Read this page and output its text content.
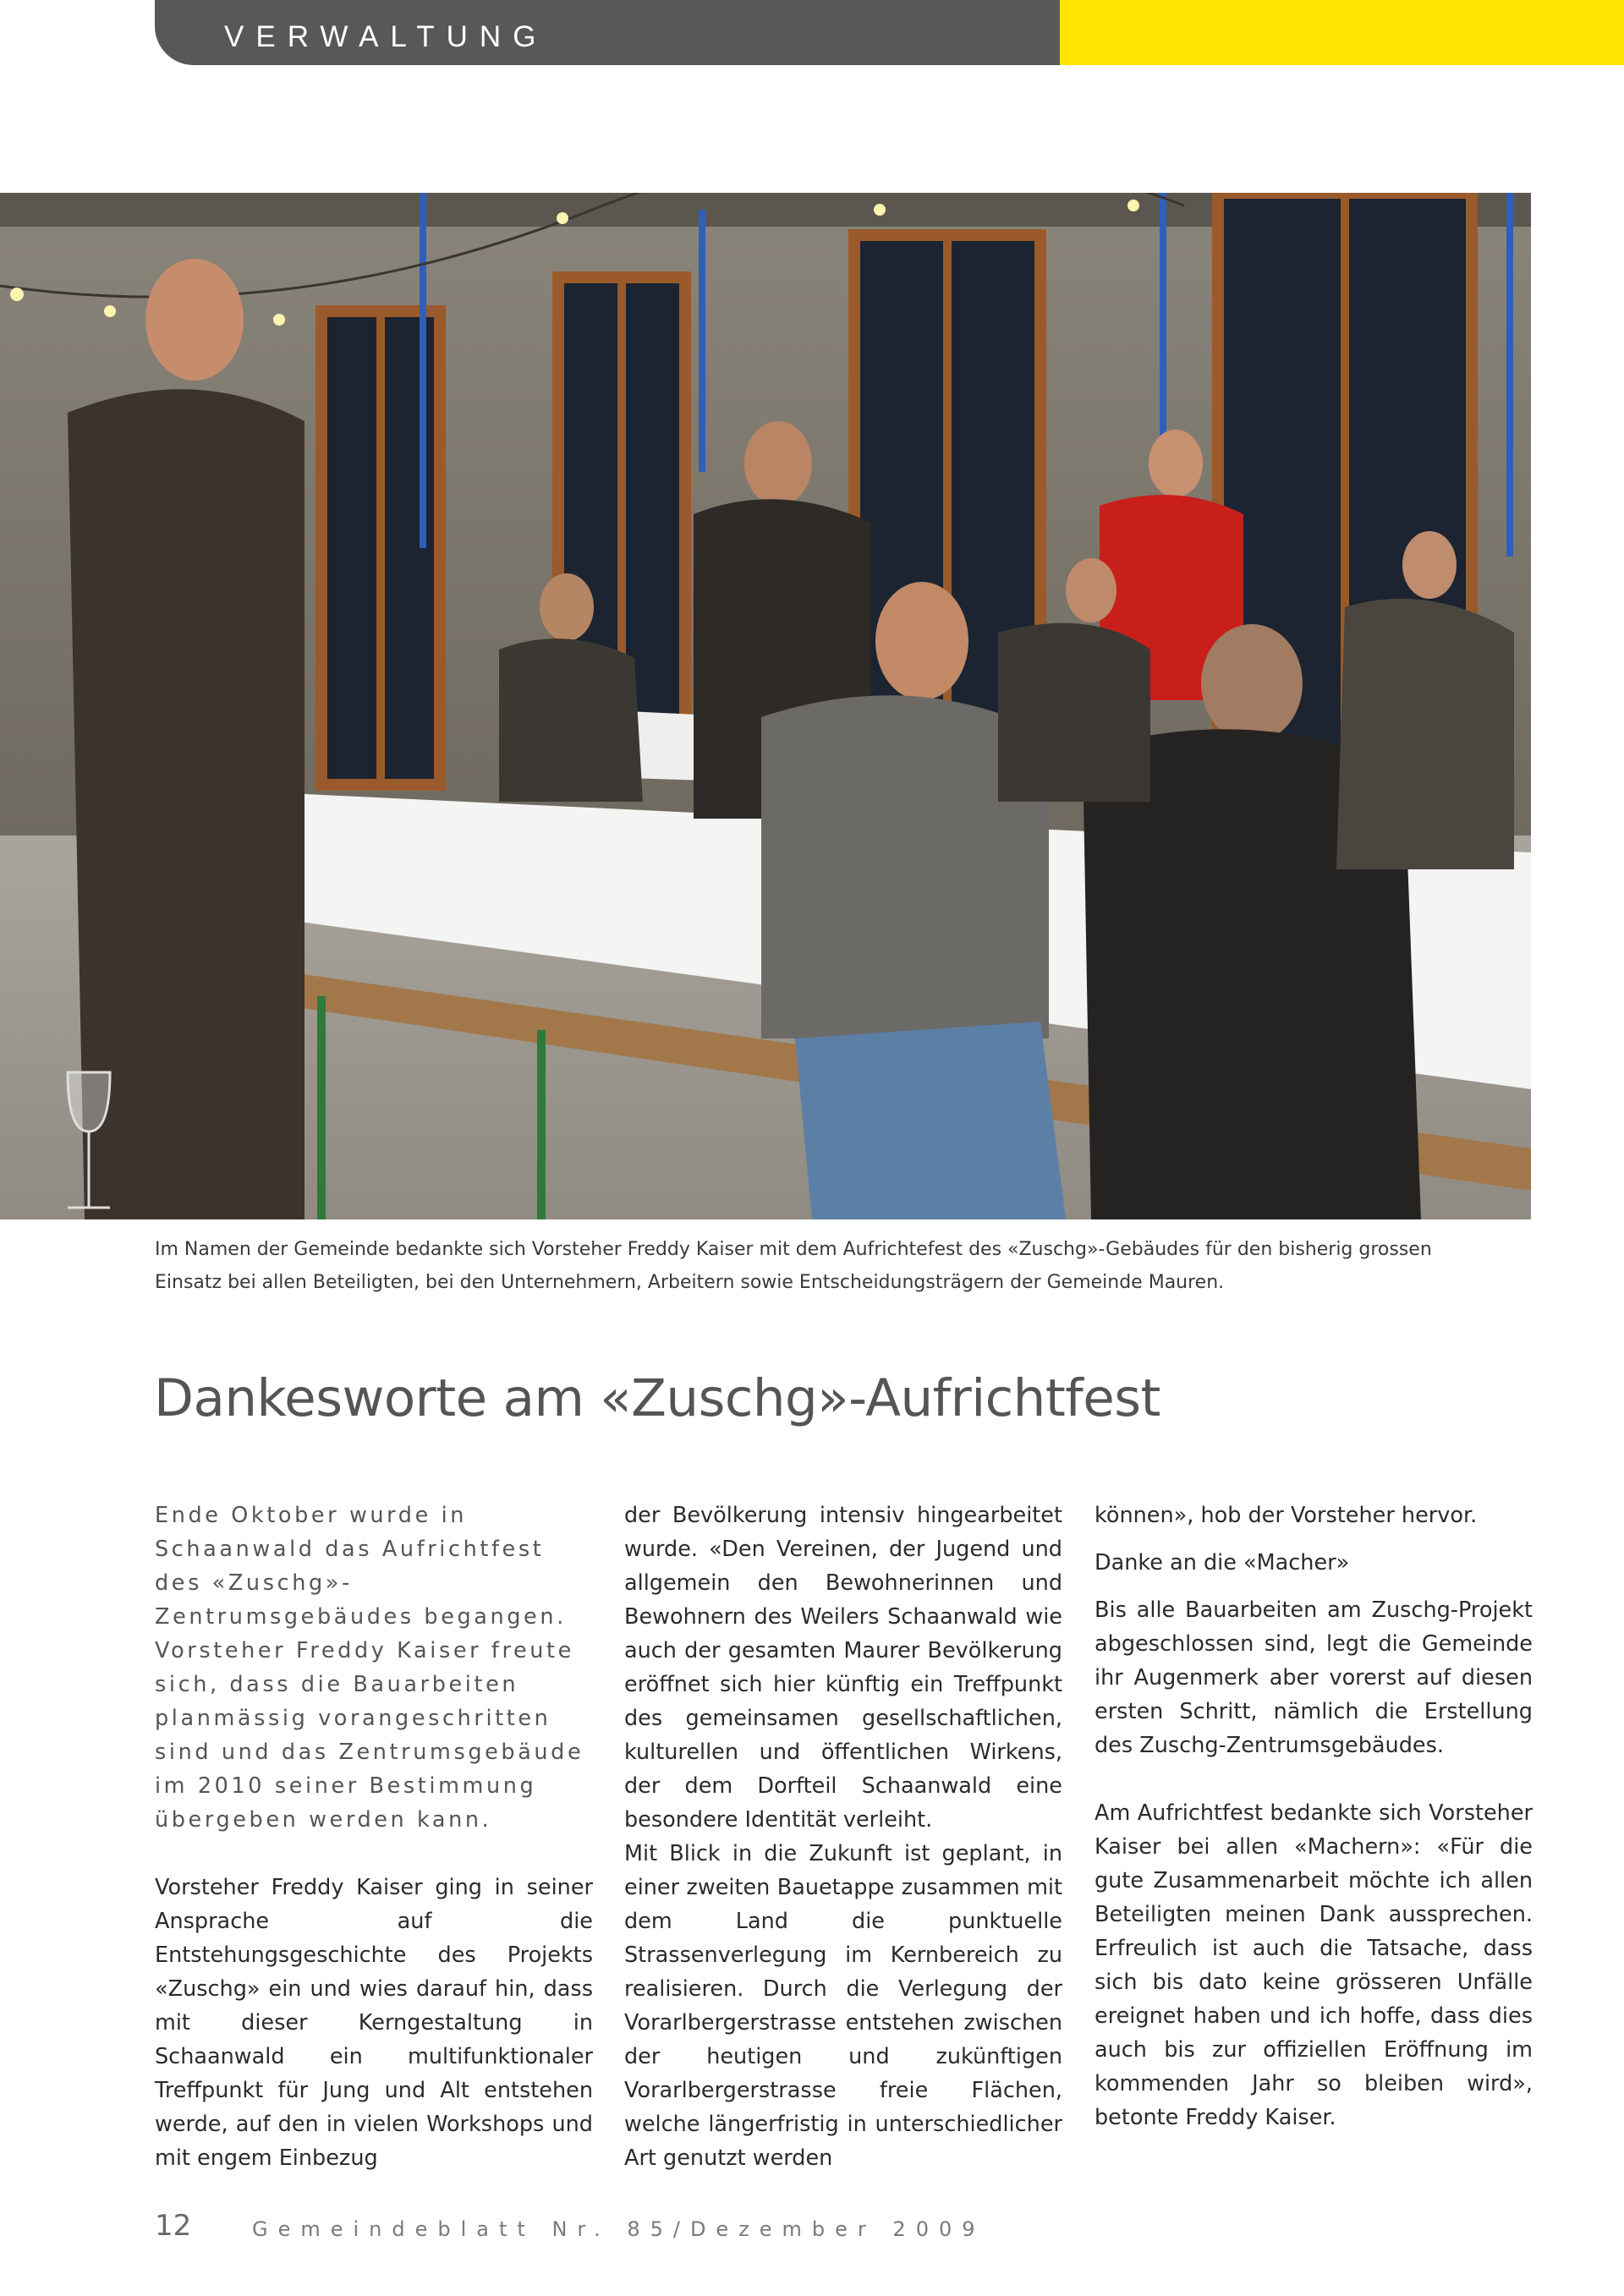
VERWALTUNG

Im Namen der Gemeinde bedankte sich Vorsteher Freddy Kaiser mit dem Aufrichtefest des «Zuschg»-Gebäudes für den bisherig grossen

Einsatz bei allen Beteiligten, bei den Unternehmern, Arbeitern sowie Entscheidungsträgern der Gemeinde Mauren.

Dankesworte am «Zuschg»-Aufrichtfest

Ende Oktober wurde in Schaanwald das Aufrichtfest des «Zuschg»-Zentrumsgebäudes begangen. Vorsteher Freddy Kaiser freute sich, dass die Bauarbeiten planmässig vorangeschritten sind und das Zentrumsgebäude im 2010 seiner Bestimmung übergeben werden kann.

Vorsteher Freddy Kaiser ging in seiner Ansprache auf die Entstehungsgeschichte des Projekts «Zuschg» ein und wies darauf hin, dass mit dieser Kerngestaltung in Schaanwald ein multifunktionaler Treffpunkt für Jung und Alt entstehen werde, auf den in vielen Workshops und mit engem Einbezug

der Bevölkerung intensiv hingearbeitet wurde. «Den Vereinen, der Jugend und allgemein den Bewohnerinnen und Bewohnern des Weilers Schaanwald wie auch der gesamten Maurer Bevölkerung eröffnet sich hier künftig ein Treffpunkt des gemeinsamen gesellschaftlichen, kulturellen und öffentlichen Wirkens, der dem Dorfteil Schaanwald eine besondere Identität verleiht.

Mit Blick in die Zukunft ist geplant, in einer zweiten Bauetappe zusammen mit dem Land die punktuelle Strassenverlegung im Kernbereich zu realisieren. Durch die Verlegung der Vorarlbergerstrasse entstehen zwischen der heutigen und zukünftigen Vorarlbergerstrasse freie Flächen, welche längerfristig in unterschiedlicher Art genutzt werden

können», hob der Vorsteher hervor.

Danke an die «Macher»

Bis alle Bauarbeiten am Zuschg-Projekt abgeschlossen sind, legt die Gemeinde ihr Augenmerk aber vorerst auf diesen ersten Schritt, nämlich die Erstellung des Zuschg-Zentrumsgebäudes.

Am Aufrichtfest bedankte sich Vorsteher Kaiser bei allen «Machern»: «Für die gute Zusammenarbeit möchte ich allen Beteiligten meinen Dank aussprechen. Erfreulich ist auch die Tatsache, dass sich bis dato keine grösseren Unfälle ereignet haben und ich hoffe, dass dies auch bis zur offiziellen Eröffnung im kommenden Jahr so bleiben wird», betonte Freddy Kaiser.

12	Gemeindeblatt Nr. 85/Dezember 2009
